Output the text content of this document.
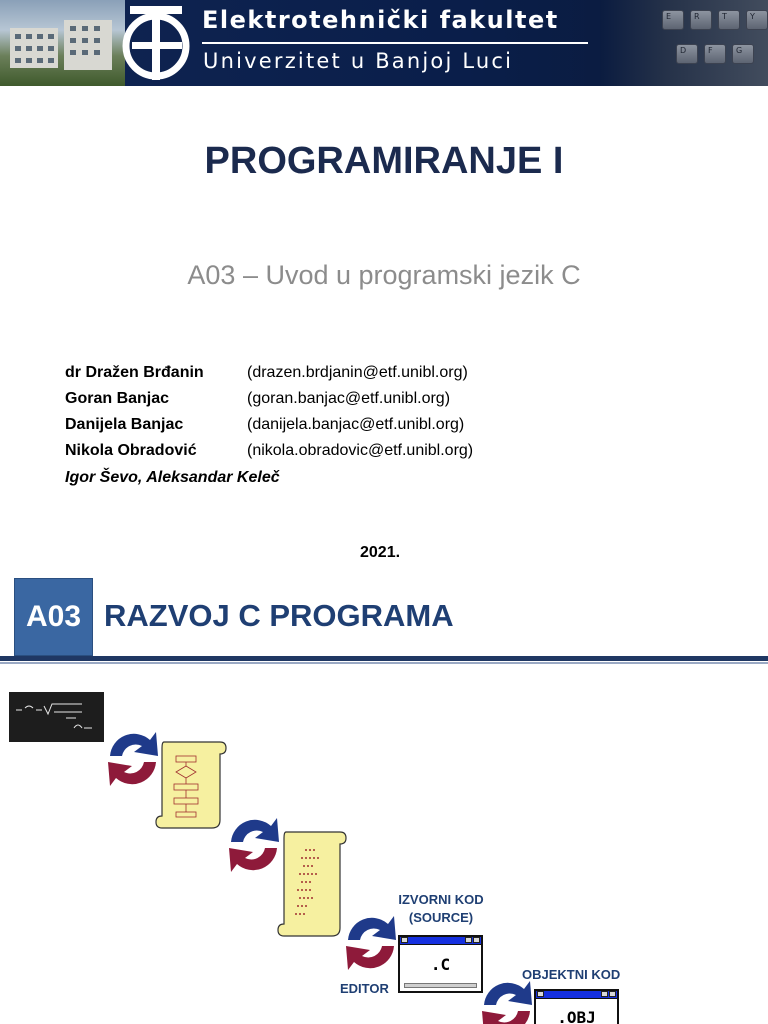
E	R	T	Y
D	F	G
Elektrotehnički fakultet
Univerzitet u Banjoj Luci
PROGRAMIRANJE I
A03 – Uvod u programski jezik C
dr Dražen Brđanin	(drazen.brdjanin@etf.unibl.org)
Goran Banjac	(goran.banjac@etf.unibl.org)
Danijela Banjac	(danijela.banjac@etf.unibl.org)
Nikola Obradović	(nikola.obradovic@etf.unibl.org)
Igor Ševo, Aleksandar Keleč
2021.
A03 RAZVOJ C PROGRAMA
IZVORNI KOD
(SOURCE)
EDITOR
OBJEKTNI KOD
.C
.OBJ
